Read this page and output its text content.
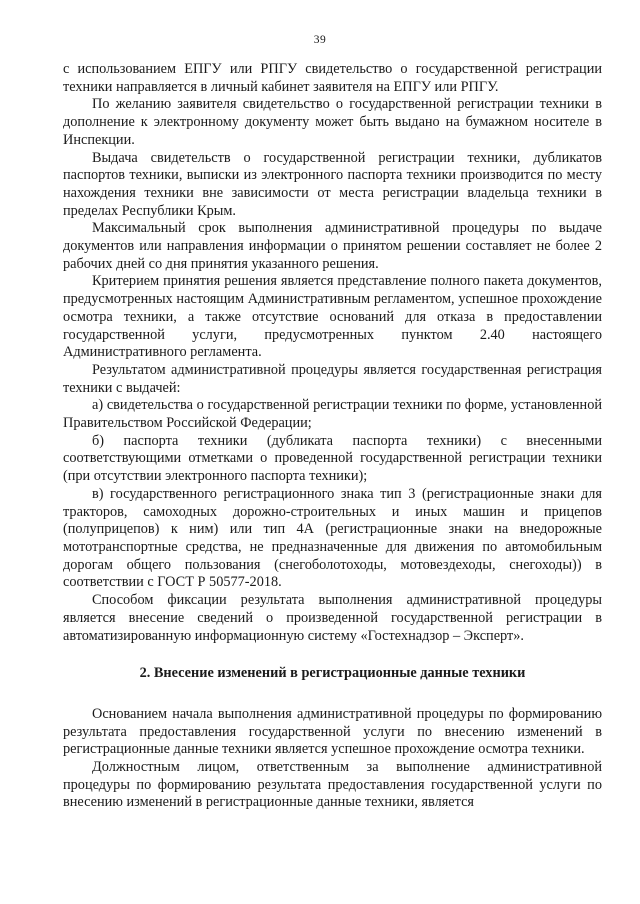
39

с использованием ЕПГУ или РПГУ свидетельство о государственной регистрации техники направляется в личный кабинет заявителя на ЕПГУ или РПГУ.

По желанию заявителя свидетельство о государственной регистрации техники в дополнение к электронному документу может быть выдано на бумажном носителе в Инспекции.

Выдача свидетельств о государственной регистрации техники, дубликатов паспортов техники, выписки из электронного паспорта техники производится по месту нахождения техники вне зависимости от места регистрации владельца техники в пределах Республики Крым.

Максимальный срок выполнения административной процедуры по выдаче документов или направления информации о принятом решении составляет не более 2 рабочих дней со дня принятия указанного решения.

Критерием принятия решения является представление полного пакета документов, предусмотренных настоящим Административным регламентом, успешное прохождение осмотра техники, а также отсутствие оснований для отказа в предоставлении государственной услуги, предусмотренных пунктом 2.40 настоящего Административного регламента.

Результатом административной процедуры является государственная регистрация техники с выдачей:

а) свидетельства о государственной регистрации техники по форме, установленной Правительством Российской Федерации;

б) паспорта техники (дубликата паспорта техники) с внесенными соответствующими отметками о проведенной государственной регистрации техники (при отсутствии электронного паспорта техники);

в) государственного регистрационного знака тип 3 (регистрационные знаки для тракторов, самоходных дорожно-строительных и иных машин и прицепов (полуприцепов) к ним) или тип 4А (регистрационные знаки на внедорожные мототранспортные средства, не предназначенные для движения по автомобильным дорогам общего пользования (снегоболотоходы, мотовездеходы, снегоходы)) в соответствии с ГОСТ Р 50577-2018.

Способом фиксации результата выполнения административной процедуры является внесение сведений о произведенной государственной регистрации в автоматизированную информационную систему «Гостехнадзор – Эксперт».

2. Внесение изменений в регистрационные данные техники

Основанием начала выполнения административной процедуры по формированию результата предоставления государственной услуги по внесению изменений в регистрационные данные техники является успешное прохождение осмотра техники.

Должностным лицом, ответственным за выполнение административной процедуры по формированию результата предоставления государственной услуги по внесению изменений в регистрационные данные техники, является
